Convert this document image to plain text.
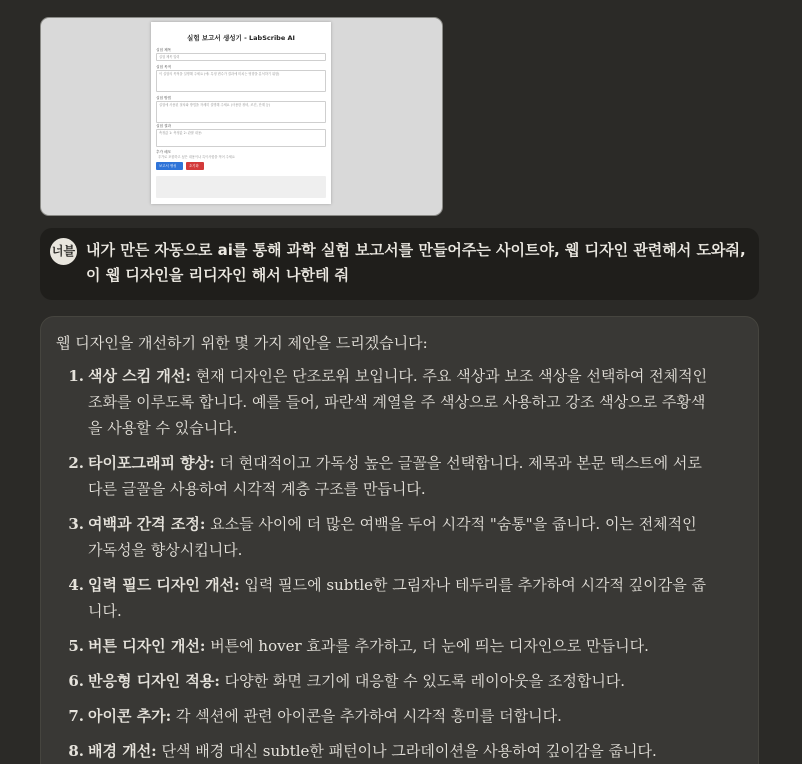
실험 보고서 생성기 - LabScribe AI
실험 제목
실험 제목 입력
실험 목적
이 실험의 목적을 설명해 주세요 (예: 특정 변수가 결과에 미치는 영향을 분석하기 위함)
실험 방법
실험에 사용된 절차와 방법을 자세히 설명해 주세요 (사용한 장비, 조건, 단계 등)
실험 결과
측정값 1: 측정값 2: 관찰 내용:
추가 메모
추가로 포함하고 싶은 내용이나 특이사항을 적어 주세요
보고서 생성	초기화
너블 내가 만든 자동으로 ai를 통해 과학 실험 보고서를 만들어주는 사이트야, 웹 디자인 관련해서 도와줘, 이 웹 디자인을 리디자인 해서 나한테 줘
웹 디자인을 개선하기 위한 몇 가지 제안을 드리겠습니다:
1. 색상 스킴 개선: 현재 디자인은 단조로워 보입니다. 주요 색상과 보조 색상을 선택하여 전체적인 조화를 이루도록 합니다. 예를 들어, 파란색 계열을 주 색상으로 사용하고 강조 색상으로 주황색을 사용할 수 있습니다.
2. 타이포그래피 향상: 더 현대적이고 가독성 높은 글꼴을 선택합니다. 제목과 본문 텍스트에 서로 다른 글꼴을 사용하여 시각적 계층 구조를 만듭니다.
3. 여백과 간격 조정: 요소들 사이에 더 많은 여백을 두어 시각적 "숨통"을 줍니다. 이는 전체적인 가독성을 향상시킵니다.
4. 입력 필드 디자인 개선: 입력 필드에 subtle한 그림자나 테두리를 추가하여 시각적 깊이감을 줍니다.
5. 버튼 디자인 개선: 버튼에 hover 효과를 추가하고, 더 눈에 띄는 디자인으로 만듭니다.
6. 반응형 디자인 적용: 다양한 화면 크기에 대응할 수 있도록 레이아웃을 조정합니다.
7. 아이콘 추가: 각 섹션에 관련 아이콘을 추가하여 시각적 흥미를 더합니다.
8. 배경 개선: 단색 배경 대신 subtle한 패턴이나 그라데이션을 사용하여 깊이감을 줍니다.
